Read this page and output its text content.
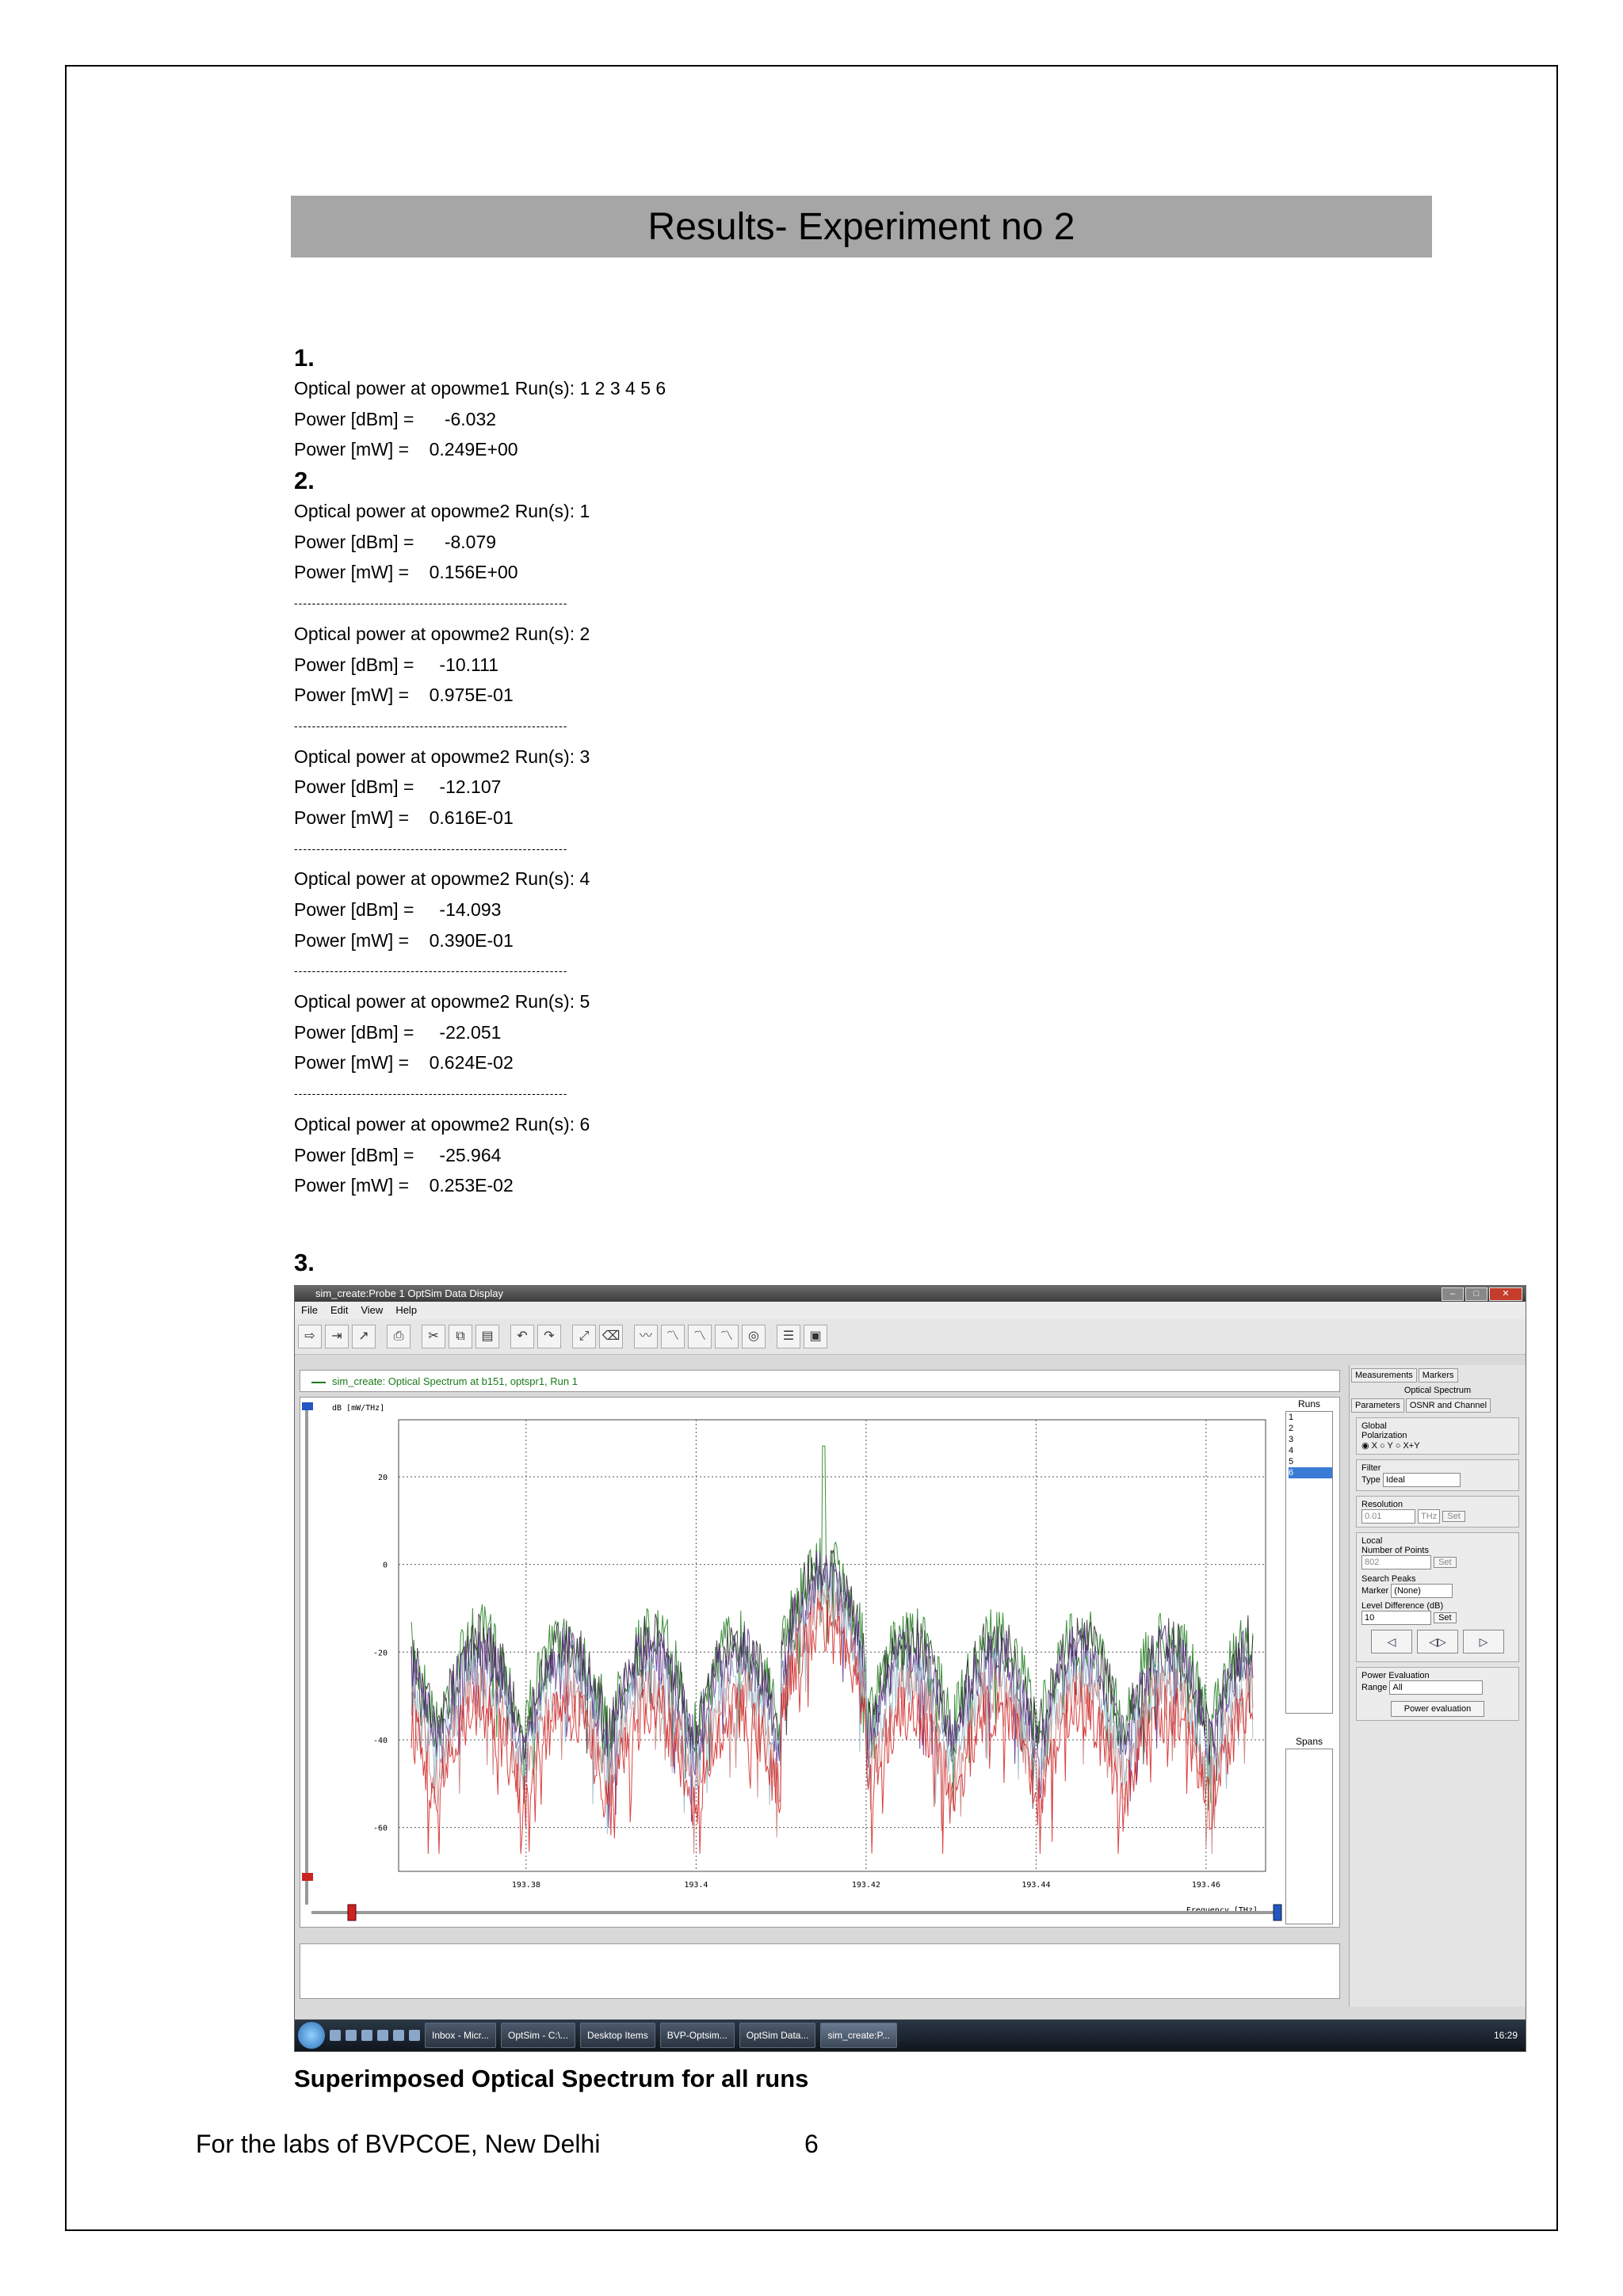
Results- Experiment no 2
1.
Optical power at opowme1 Run(s): 1 2 3 4 5 6
Power [dBm] =      -6.032
Power [mW] =    0.249E+00
2.
Optical power at opowme2 Run(s): 1
Power [dBm] =      -8.079
Power [mW] =    0.156E+00
-------------------------------------------------------------
Optical power at opowme2 Run(s): 2
Power [dBm] =     -10.111
Power [mW] =    0.975E-01
-------------------------------------------------------------
Optical power at opowme2 Run(s): 3
Power [dBm] =     -12.107
Power [mW] =    0.616E-01
-------------------------------------------------------------
Optical power at opowme2 Run(s): 4
Power [dBm] =     -14.093
Power [mW] =    0.390E-01
-------------------------------------------------------------
Optical power at opowme2 Run(s): 5
Power [dBm] =     -22.051
Power [mW] =    0.624E-02
-------------------------------------------------------------
Optical power at opowme2 Run(s): 6
Power [dBm] =     -25.964
Power [mW] =    0.253E-02
3.
sim_create:Probe 1 OptSim Data Display	–	□	✕
File Edit View Help
⇨	⇥	↗	⎙	✂	⧉	▤	↶	↷	⤢	⌫	〰	〽	〽	〽	◎	☰	▣
sim_create: Optical Spectrum at b151, optspr1, Run 1
dB [mW/THz]
20
0
-20
-40
-60
193.38	193.4	193.42	193.44	193.46
Frequency [THz]
Runs
1
2
3
4
5
6
Spans
Measurements	Markers
Optical Spectrum
Parameters	OSNR and Channel
Global
Polarization
◉ X ○ Y ○ X+Y
Filter
Type Ideal
Resolution
0.01	THz Set
Local
Number of Points
802	Set
Search Peaks
Marker (None)
Level Difference (dB)
10	Set
◁	◁▷	▷
Power Evaluation
Range All
Power evaluation
Inbox - Micr...	OptSim - C:\...	Desktop Items	BVP-Optsim...	OptSim Data...	sim_create:P...	16:29
Superimposed Optical Spectrum for all runs
For the labs of BVPCOE, New Delhi	6
